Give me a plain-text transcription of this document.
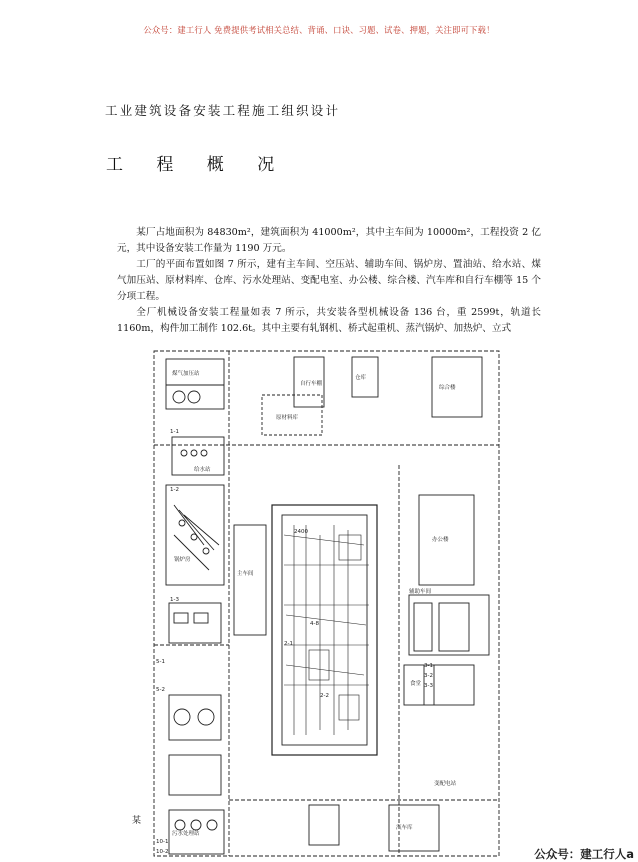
公众号：建工行人 免费提供考试相关总结、背诵、口诀、习题、试卷、押题，关注即可下载！
工业建筑设备安装工程施工组织设计
工 程 概 况

某厂占地面积为 84830m²，建筑面积为 41000m²，其中主车间为 10000m²，工程投资 2 亿元，其中设备安装工作量为 1190 万元。

工厂的平面布置如图 7 所示，建有主车间、空压站、辅助车间、锅炉房、置油站、给水站、煤气加压站、原材料库、仓库、污水处理站、变配电室、办公楼、综合楼、汽车库和自行车棚等 15 个分项工程。

全厂机械设备安装工程量如表 7 所示，共安装各型机械设备 136 台，重 2599t，轨道长 1160m，构件加工制作 102.6t。其中主要有轧钢机、桥式起重机、蒸汽锅炉、加热炉、立式

自行车棚
煤气加压站
给水站
仓库
原材料库
综合楼
办公楼
主车间
辅助车间
食堂
变配电站
污水处理站
汽车库
锅炉房
2400
1-1
1-2
1-3
2-1
2-2
3-1
3-2
3-3
5-1
5-2
4-8
10-1
10-2
某
公众号：建工行人a
